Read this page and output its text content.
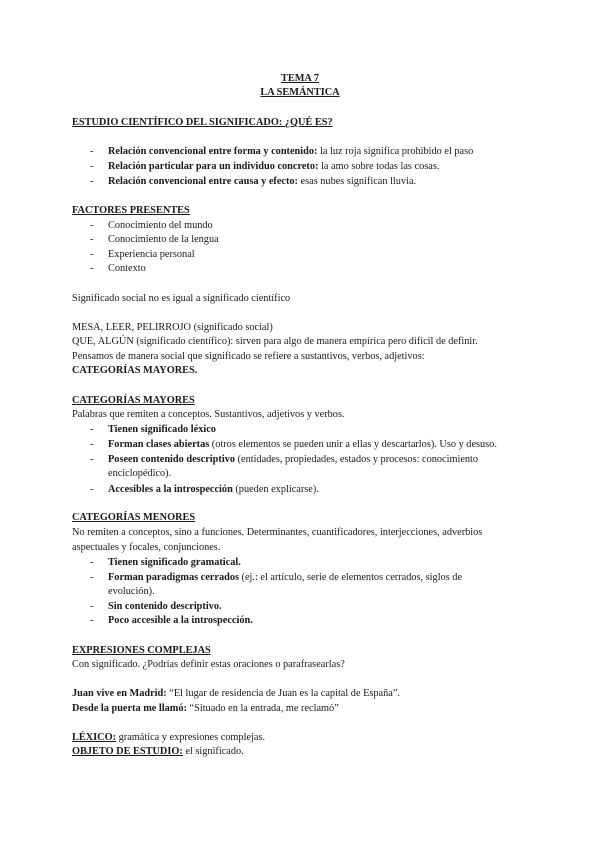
TEMA 7
LA SEMÁNTICA
ESTUDIO CIENTÍFICO DEL SIGNIFICADO: ¿QUÉ ES?
- Relación convencional entre forma y contenido: la luz roja significa prohibido el paso
- Relación particular para un individuo concreto: la amo sobre todas las cosas.
- Relación convencional entre causa y efecto: esas nubes significan lluvia.
FACTORES PRESENTES
- Conocimiento del mundo
- Conocimiento de la lengua
- Experiencia personal
- Contexto
Significado social no es igual a significado científico
MESA, LEER, PELIRROJO (significado social)
QUE, ALGÚN (significado científico): sirven para algo de manera empírica pero difícil de definir.
Pensamos de manera social que significado se refiere a sustantivos, verbos, adjetivos:
CATEGORÍAS MAYORES.
CATEGORÍAS MAYORES
Palabras que remiten a conceptos. Sustantivos, adjetivos y verbos.
- Tienen significado léxico
- Forman clases abiertas (otros elementos se pueden unir a ellas y descartarlos). Uso y desuso.
- Poseen contenido descriptivo (entidades, propiedades, estados y procesos: conocimiento
enciclopédico).
- Accesibles a la introspección (pueden explicarse).
CATEGORÍAS MENORES
No remiten a conceptos, sino a funciones. Determinantes, cuantificadores, interjecciones, adverbios
aspectuales y focales, conjunciones.
- Tienen significado gramatical.
- Forman paradigmas cerrados (ej.: el artículo, serie de elementos cerrados, siglos de
evolución).
- Sin contenido descriptivo.
- Poco accesible a la introspección.
EXPRESIONES COMPLEJAS
Con significado. ¿Podrías definir estas oraciones o parafrasearlas?
Juan vive en Madrid: “El lugar de residencia de Juan es la capital de España”.
Desde la puerta me llamó: “Situado en la entrada, me reclamó”
LÉXICO: gramática y expresiones complejas.
OBJETO DE ESTUDIO: el significado.
